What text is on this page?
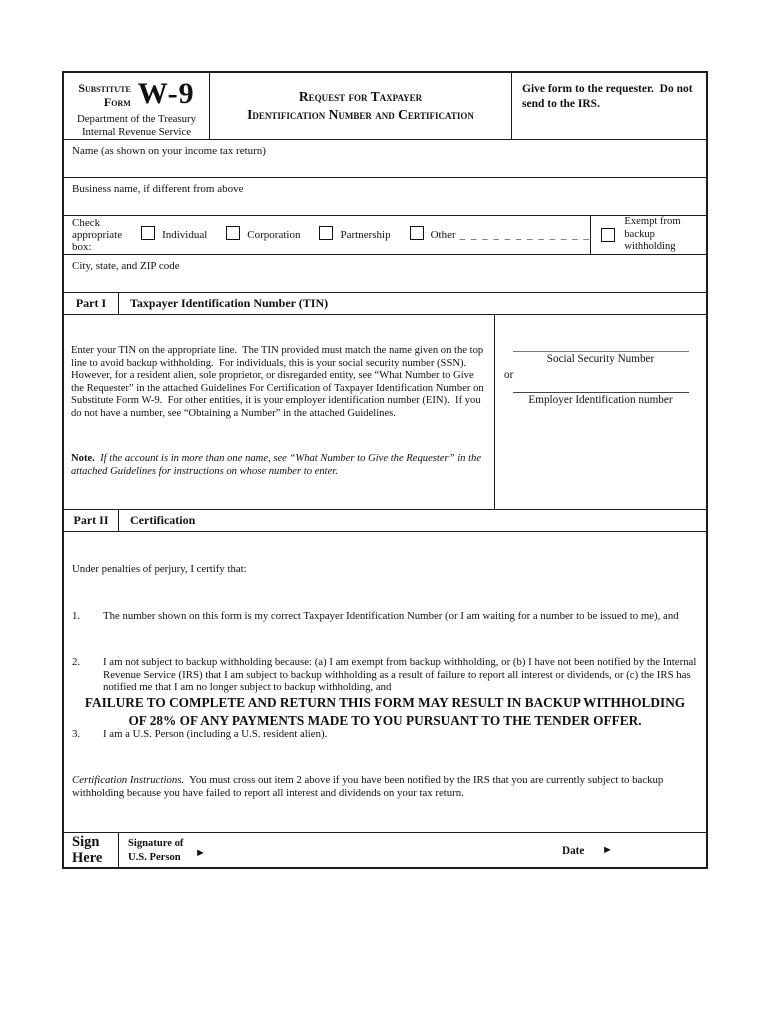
Substitute
Form W-9
Department of the Treasury
Internal Revenue Service
Request for Taxpayer
Identification Number and Certification
Give form to the requester.  Do not send to the IRS.
Name (as shown on your income tax return)
Business name, if different from above
Check appropriate box:
Individual	Corporation	Partnership	Other _ _ _ _ _ _ _ _ _ _ _ _
Exempt from backup withholding
City, state, and ZIP code
Part I	Taxpayer Identification Number (TIN)

Enter your TIN on the appropriate line.  The TIN provided must match the name given on the top line to avoid backup withholding.  For individuals, this is your social security number (SSN).  However, for a resident alien, sole proprietor, or disregarded entity, see “What Number to Give the Requester” in the attached Guidelines For Certification of Taxpayer Identification Number on Substitute Form W-9.  For other entities, it is your employer identification number (EIN).  If you do not have a number, see “Obtaining a Number” in the attached Guidelines.

Note.  If the account is in more than one name, see “What Number to Give the Requester” in the attached Guidelines for instructions on whose number to enter.

Social Security Number
or
Employer Identification number
Part II	Certification

Under penalties of perjury, I certify that:

1.	The number shown on this form is my correct Taxpayer Identification Number (or I am waiting for a number to be issued to me), and

2.	I am not subject to backup withholding because: (a) I am exempt from backup withholding, or (b) I have not been notified by the Internal Revenue Service (IRS) that I am subject to backup withholding as a result of failure to report all interest or dividends, or (c) the IRS has notified me that I am no longer subject to backup withholding, and

3.	I am a U.S. Person (including a U.S. resident alien).

Certification Instructions.  You must cross out item 2 above if you have been notified by the IRS that you are currently subject to backup withholding because you have failed to report all interest and dividends on your tax return.

Sign
Here
Signature of
U.S. Person ►	Date ►
FAILURE TO COMPLETE AND RETURN THIS FORM MAY RESULT IN BACKUP WITHHOLDING
OF 28% OF ANY PAYMENTS MADE TO YOU PURSUANT TO THE TENDER OFFER.
